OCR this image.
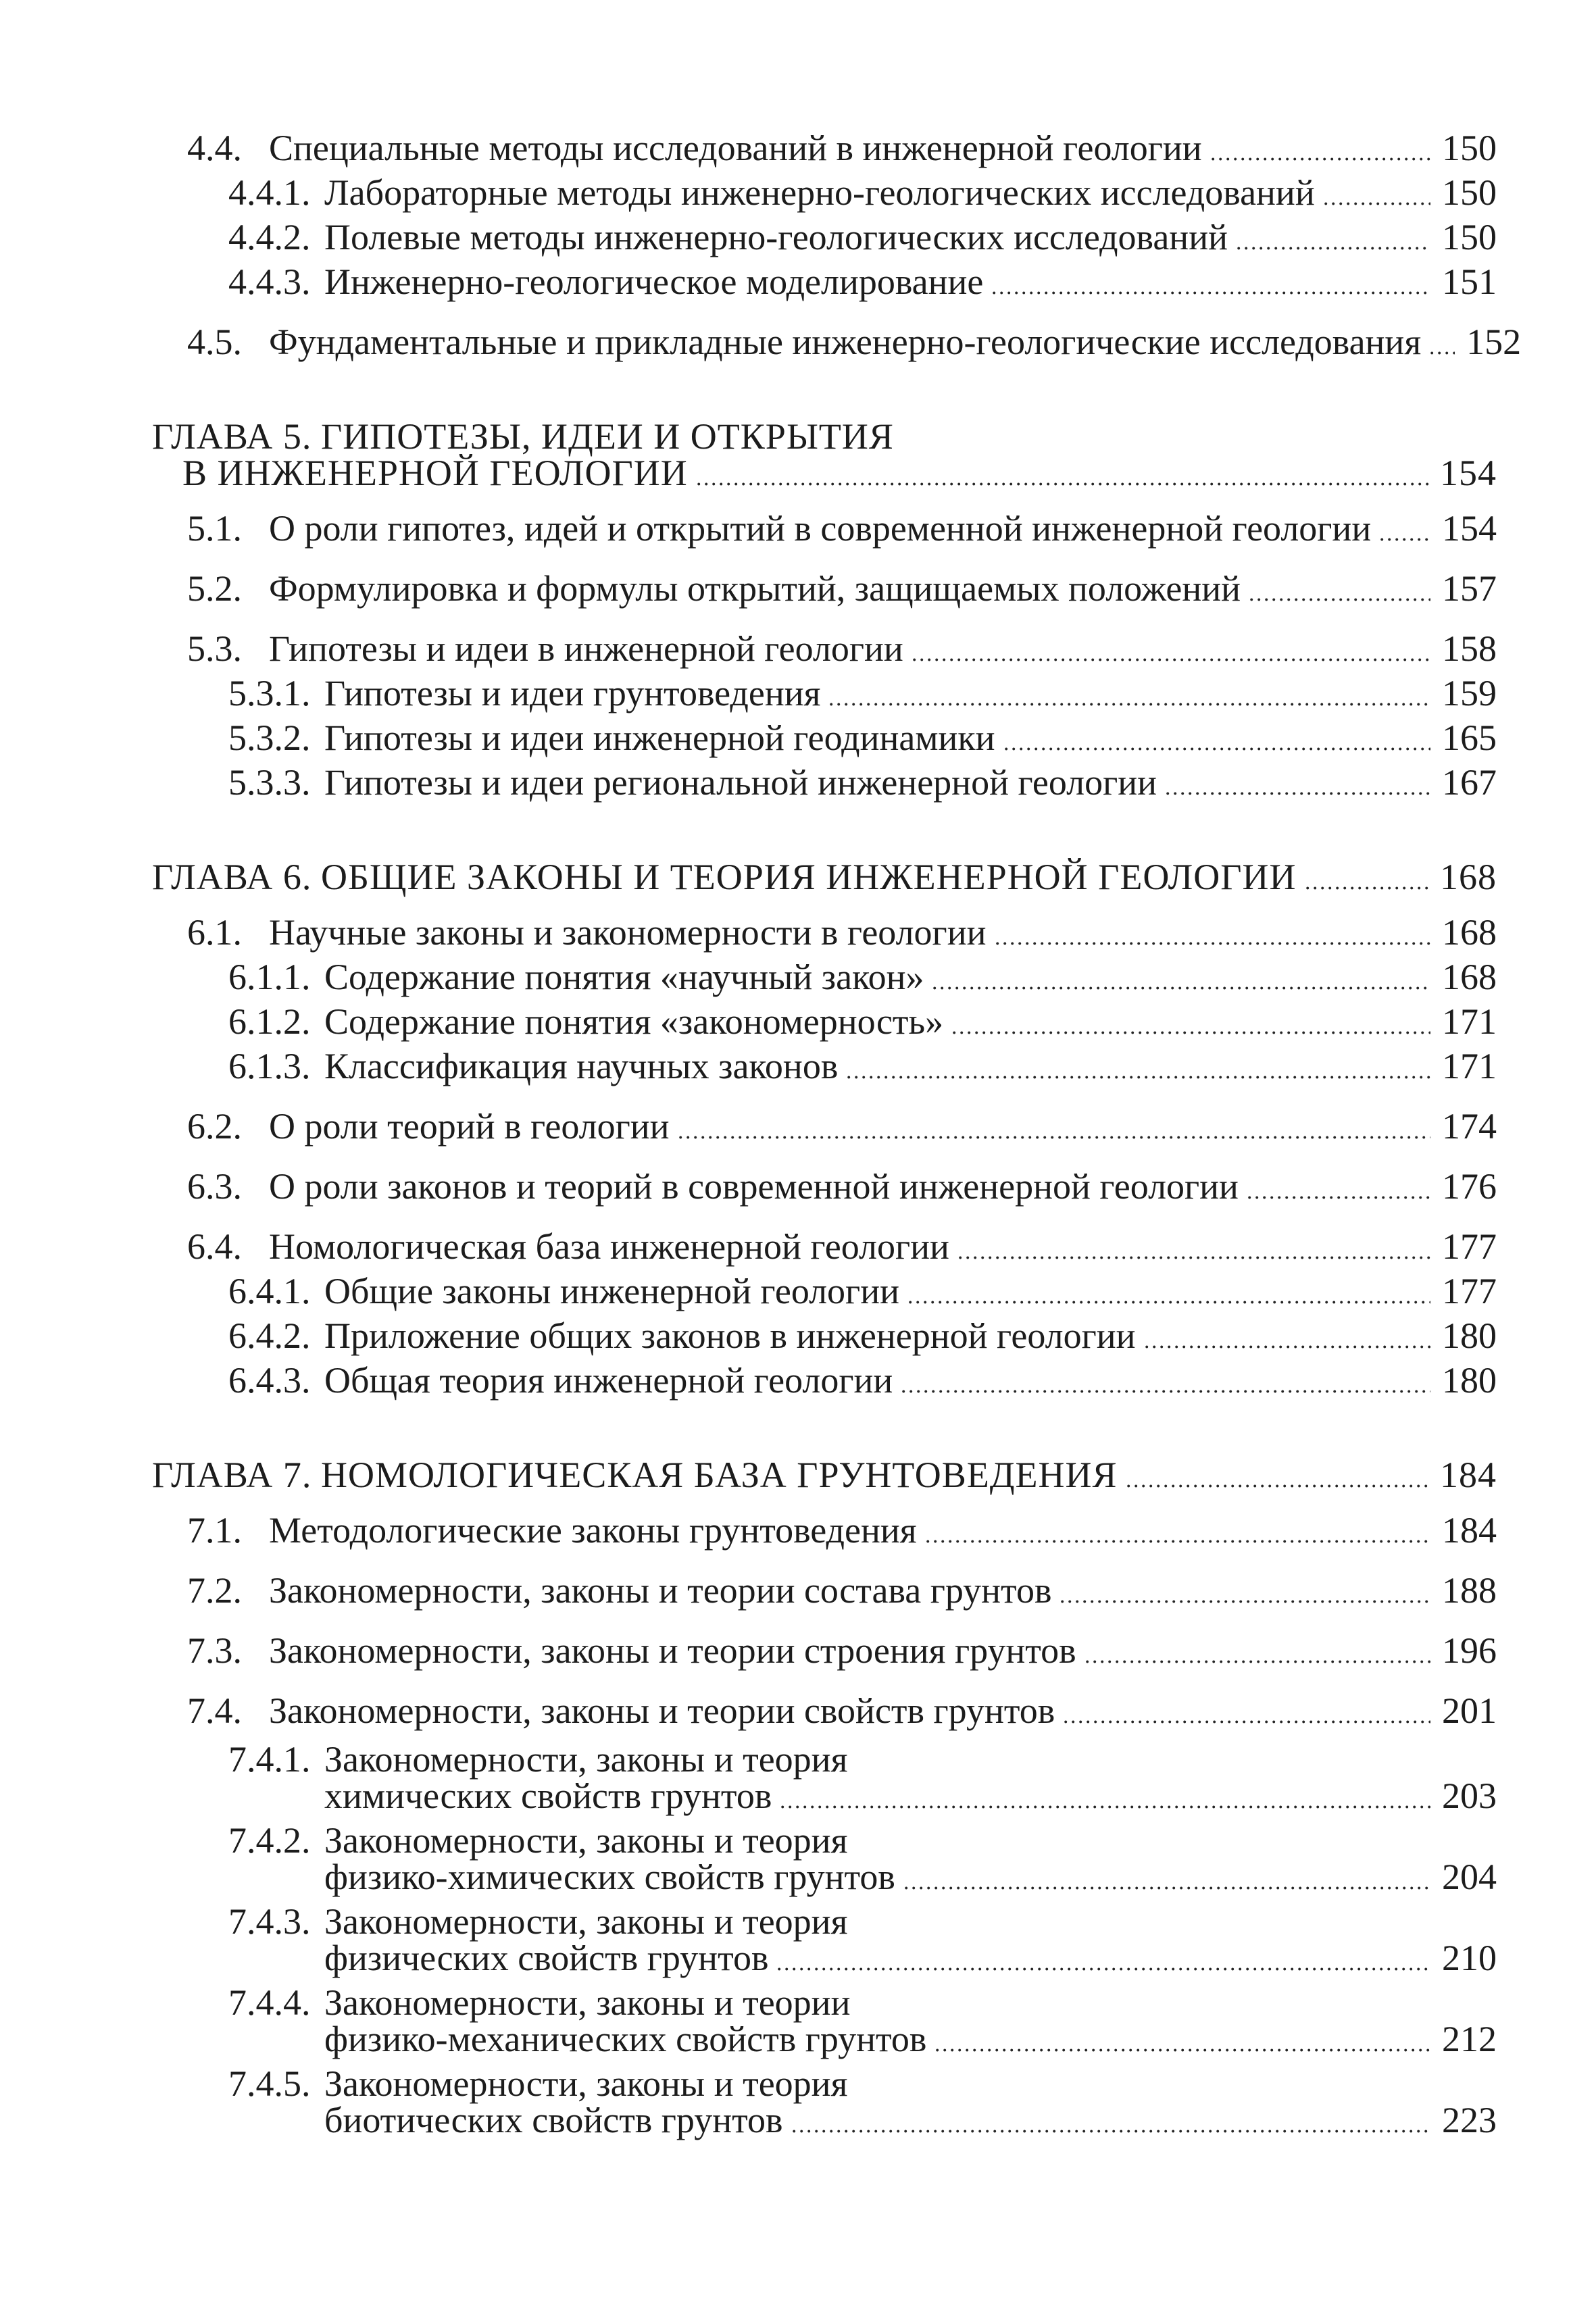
4.4. Специальные методы исследований в инженерной геологии	150
4.4.1. Лабораторные методы инженерно-геологических исследований	150
4.4.2. Полевые методы инженерно-геологических исследований	150
4.4.3. Инженерно-геологическое моделирование	151
4.5. Фундаментальные и прикладные инженерно-геологические исследования 152
ГЛАВА 5. ГИПОТЕЗЫ, ИДЕИ И ОТКРЫТИЯ
В ИНЖЕНЕРНОЙ ГЕОЛОГИИ	154
5.1. О роли гипотез, идей и открытий в современной инженерной геологии 154
5.2. Формулировка и формулы открытий, защищаемых положений	157
5.3. Гипотезы и идеи в инженерной геологии	158
5.3.1. Гипотезы и идеи грунтоведения	159
5.3.2. Гипотезы и идеи инженерной геодинамики	165
5.3.3. Гипотезы и идеи региональной инженерной геологии	167
ГЛАВА 6. ОБЩИЕ ЗАКОНЫ И ТЕОРИЯ ИНЖЕНЕРНОЙ ГЕОЛОГИИ	168
6.1. Научные законы и закономерности в геологии	168
6.1.1. Содержание понятия «научный закон»	168
6.1.2. Содержание понятия «закономерность»	171
6.1.3. Классификация научных законов	171
6.2. О роли теорий в геологии	174
6.3. О роли законов и теорий в современной инженерной геологии	176
6.4. Номологическая база инженерной геологии	177
6.4.1. Общие законы инженерной геологии	177
6.4.2. Приложение общих законов в инженерной геологии	180
6.4.3. Общая теория инженерной геологии	180
ГЛАВА 7. НОМОЛОГИЧЕСКАЯ БАЗА ГРУНТОВЕДЕНИЯ	184
7.1. Методологические законы грунтоведения	184
7.2. Закономерности, законы и теории состава грунтов	188
7.3. Закономерности, законы и теории строения грунтов	196
7.4. Закономерности, законы и теории свойств грунтов	201
7.4.1. Закономерности, законы и теория
химических свойств грунтов	203
7.4.2. Закономерности, законы и теория
физико-химических свойств грунтов	204
7.4.3. Закономерности, законы и теория
физических свойств грунтов	210
7.4.4. Закономерности, законы и теории
физико-механических свойств грунтов	212
7.4.5. Закономерности, законы и теория
биотических свойств грунтов	223
